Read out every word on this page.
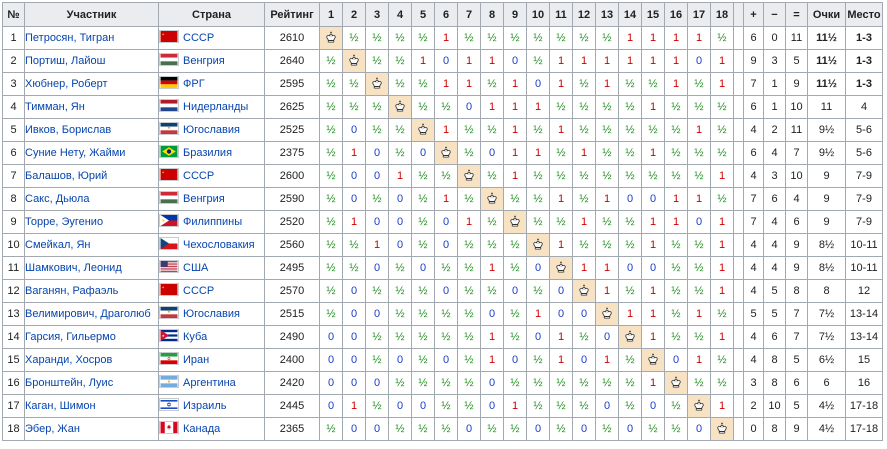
№	Участник	Страна	Рейтинг	1	2	3	4	5	6	7	8	9	10	11	12	13	14	15	16	17	18		+	−	=	Очки	Место
1	Петросян, Тигран	СССР	2610		½	½	½	½	1	½	½	½	½	½	½	½	1	1	1	1	½		6	0	11	11½	1-3
2	Портиш, Лайош	Венгрия	2640	½		½	½	1	0	1	1	0	½	1	1	1	1	1	1	0	1		9	3	5	11½	1-3
3	Хюбнер, Роберт	ФРГ	2595	½	½		½	½	1	1	½	1	0	1	½	1	½	½	1	½	1		7	1	9	11½	1-3
4	Тимман, Ян	Нидерланды	2625	½	½	½		½	½	0	1	1	1	½	½	½	½	1	½	½	½		6	1	10	11	4
5	Ивков, Борислав	Югославия	2525	½	0	½	½		1	½	½	1	½	1	½	½	½	½	½	1	½		4	2	11	9½	5-6
6	Суние Нету, Жайми	Бразилия	2375	½	1	0	½	0		½	0	1	1	½	1	½	½	1	½	½	½		6	4	7	9½	5-6
7	Балашов, Юрий	СССР	2600	½	0	0	1	½	½		½	1	½	½	½	½	½	½	½	½	1		4	3	10	9	7-9
8	Сакс, Дьюла	Венгрия	2590	½	0	½	0	½	1	½		½	½	1	½	1	0	0	1	1	½		7	6	4	9	7-9
9	Торре, Эугенио	Филиппины	2520	½	1	0	0	½	0	1	½		½	½	1	½	½	1	1	0	1		7	4	6	9	7-9
10	Смейкал, Ян	Чехословакия	2560	½	½	1	0	½	0	½	½	½		1	½	½	½	1	½	½	1		4	4	9	8½	10-11
11	Шамкович, Леонид	США	2495	½	½	0	½	0	½	½	1	½	0		1	1	0	0	½	½	1		4	4	9	8½	10-11
12	Ваганян, Рафаэль	СССР	2570	½	0	½	½	½	0	½	½	0	½	0		1	½	1	½	½	1		4	5	8	8	12
13	Велимирович, Драголюб	Югославия	2515	½	0	0	½	½	½	½	0	½	1	0	0		1	1	½	1	½		5	5	7	7½	13-14
14	Гарсия, Гильермо	Куба	2490	0	0	½	½	½	½	½	1	½	0	1	½	0		1	½	½	1		4	6	7	7½	13-14
15	Харанди, Хосров	Иран	2400	0	0	½	0	½	0	½	1	0	½	1	0	1	½		0	1	½		4	8	5	6½	15
16	Бронштейн, Луис	Аргентина	2420	0	0	0	½	½	½	½	0	½	½	½	½	½	½	1		½	½		3	8	6	6	16
17	Каган, Шимон	Израиль	2445	0	1	½	0	0	½	½	0	1	½	½	½	0	½	0	½		1		2	10	5	4½	17-18
18	Эбер, Жан	Канада	2365	½	0	0	½	½	½	0	½	½	0	½	0	½	0	½	½	0			0	8	9	4½	17-18
